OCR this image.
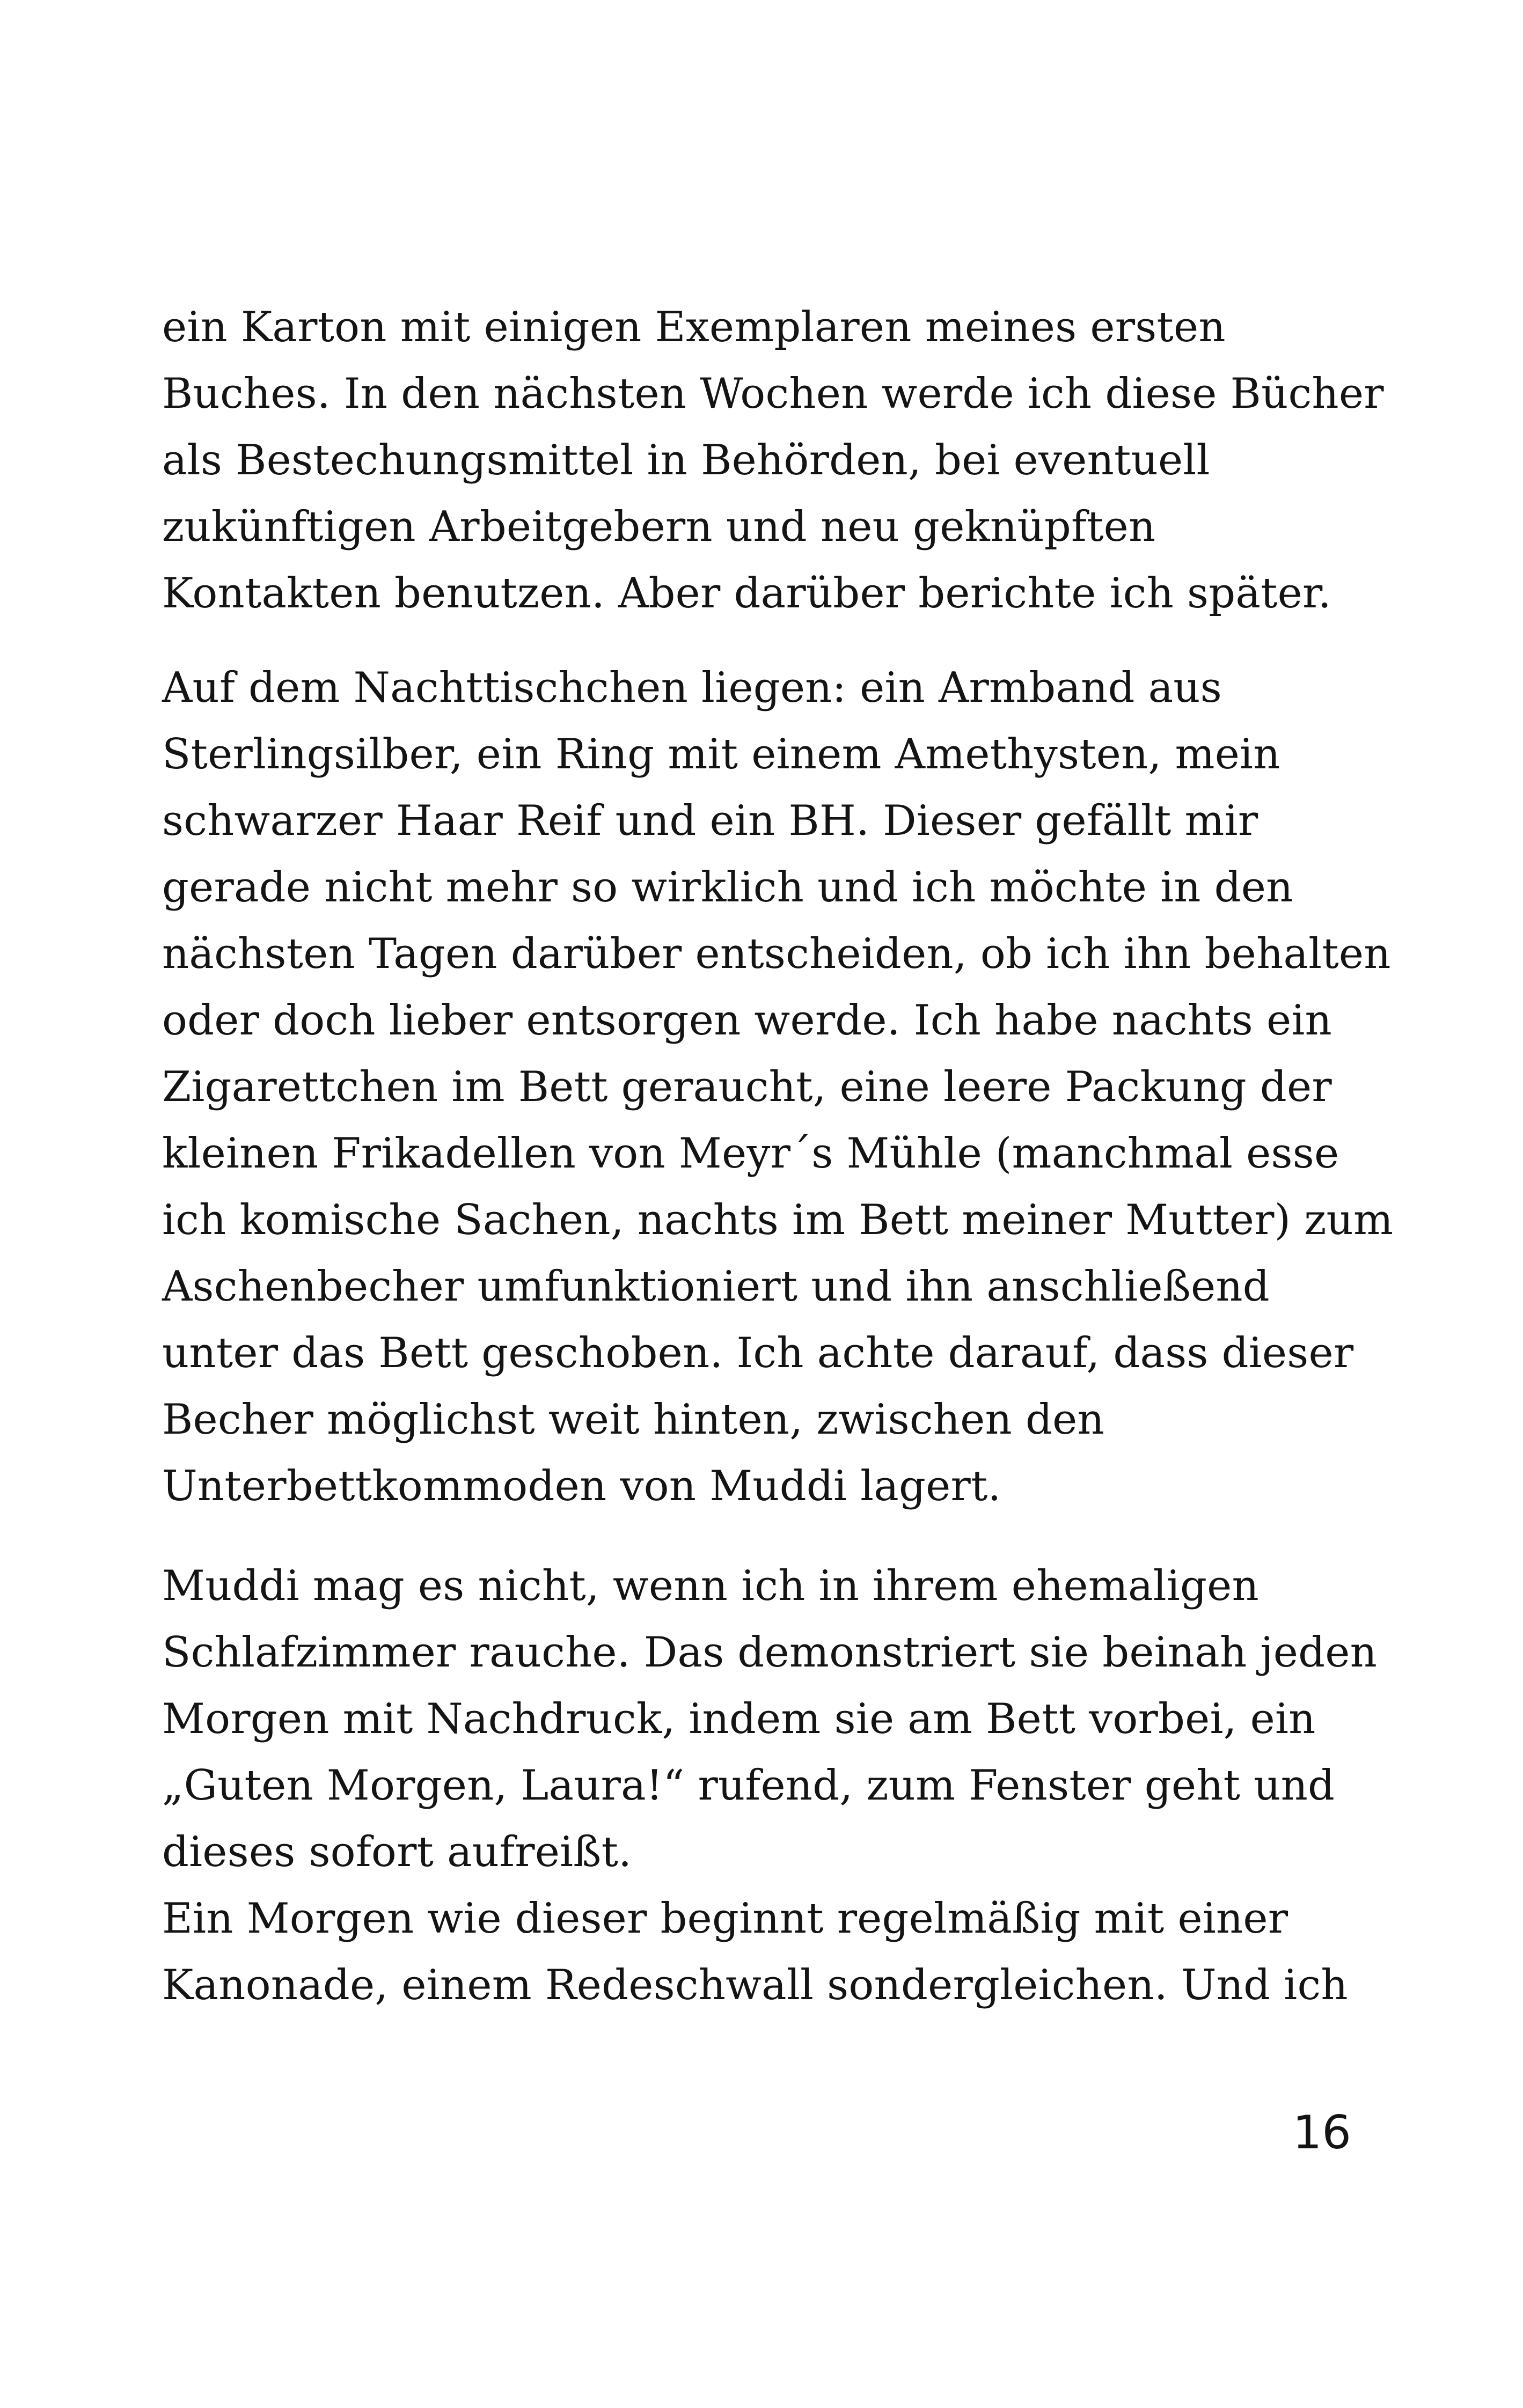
ein Karton mit einigen Exemplaren meines ersten
Buches. In den nächsten Wochen werde ich diese Bücher
als Bestechungsmittel in Behörden, bei eventuell
zukünftigen Arbeitgebern und neu geknüpften
Kontakten benutzen. Aber darüber berichte ich später.
Auf dem Nachttischchen liegen: ein Armband aus
Sterlingsilber, ein Ring mit einem Amethysten, mein
schwarzer Haar Reif und ein BH. Dieser gefällt mir
gerade nicht mehr so wirklich und ich möchte in den
nächsten Tagen darüber entscheiden, ob ich ihn behalten
oder doch lieber entsorgen werde. Ich habe nachts ein
Zigarettchen im Bett geraucht, eine leere Packung der
kleinen Frikadellen von Meyr´s Mühle (manchmal esse
ich komische Sachen, nachts im Bett meiner Mutter) zum
Aschenbecher umfunktioniert und ihn anschließend
unter das Bett geschoben. Ich achte darauf, dass dieser
Becher möglichst weit hinten, zwischen den
Unterbettkommoden von Muddi lagert.
Muddi mag es nicht, wenn ich in ihrem ehemaligen
Schlafzimmer rauche. Das demonstriert sie beinah jeden
Morgen mit Nachdruck, indem sie am Bett vorbei, ein
„Guten Morgen, Laura!“ rufend, zum Fenster geht und
dieses sofort aufreißt.
Ein Morgen wie dieser beginnt regelmäßig mit einer
Kanonade, einem Redeschwall sondergleichen. Und ich
16
